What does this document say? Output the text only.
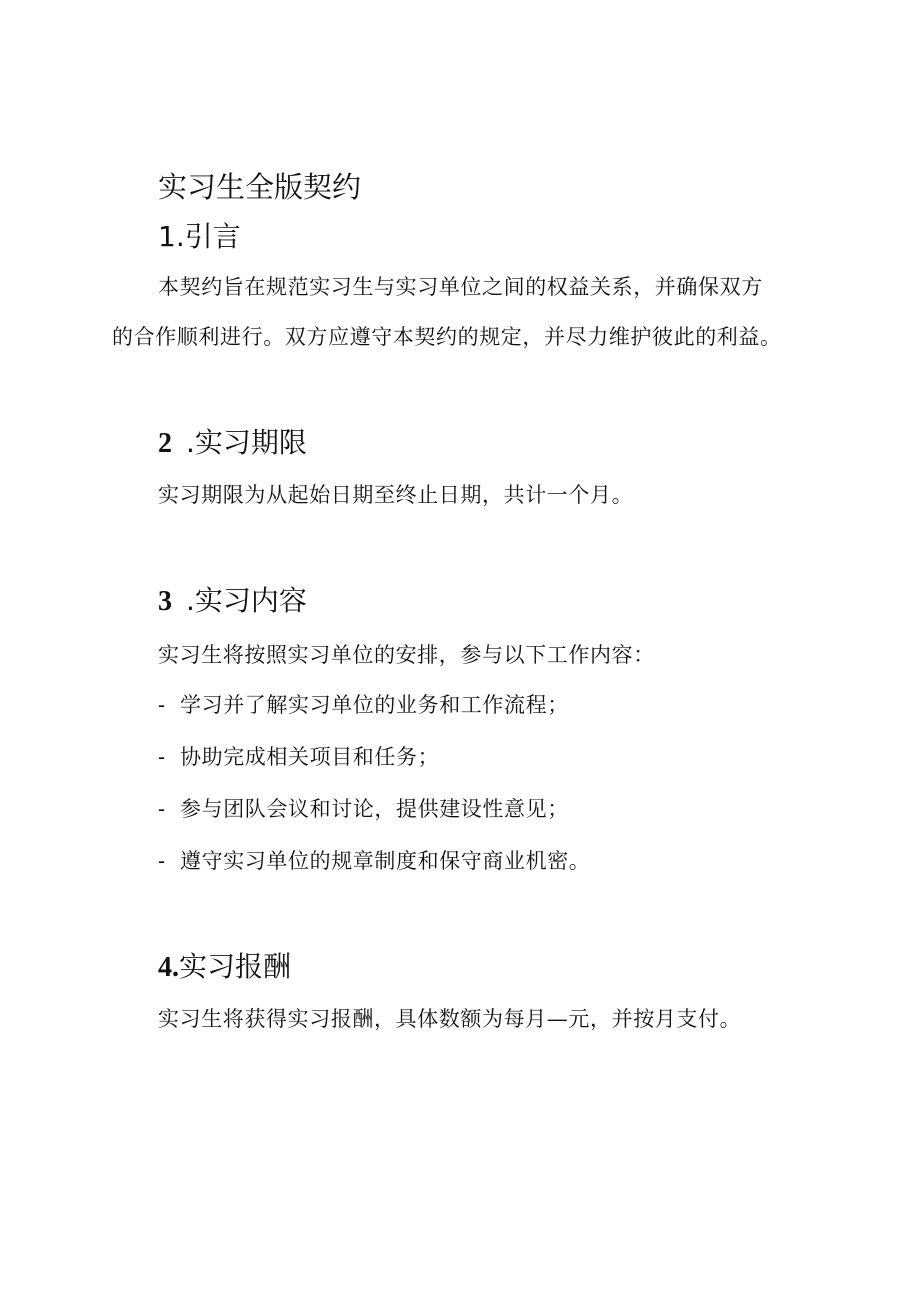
实习生全版契约
1.引言
本契约旨在规范实习生与实习单位之间的权益关系，并确保双方
的合作顺利进行。双方应遵守本契约的规定，并尽力维护彼此的利益。
2 .实习期限
实习期限为从起始日期至终止日期，共计一个月。
3 .实习内容
实习生将按照实习单位的安排，参与以下工作内容：
- 学习并了解实习单位的业务和工作流程；
- 协助完成相关项目和任务；
- 参与团队会议和讨论，提供建设性意见；
- 遵守实习单位的规章制度和保守商业机密。
4.实习报酬
实习生将获得实习报酬，具体数额为每月—元，并按月支付。
